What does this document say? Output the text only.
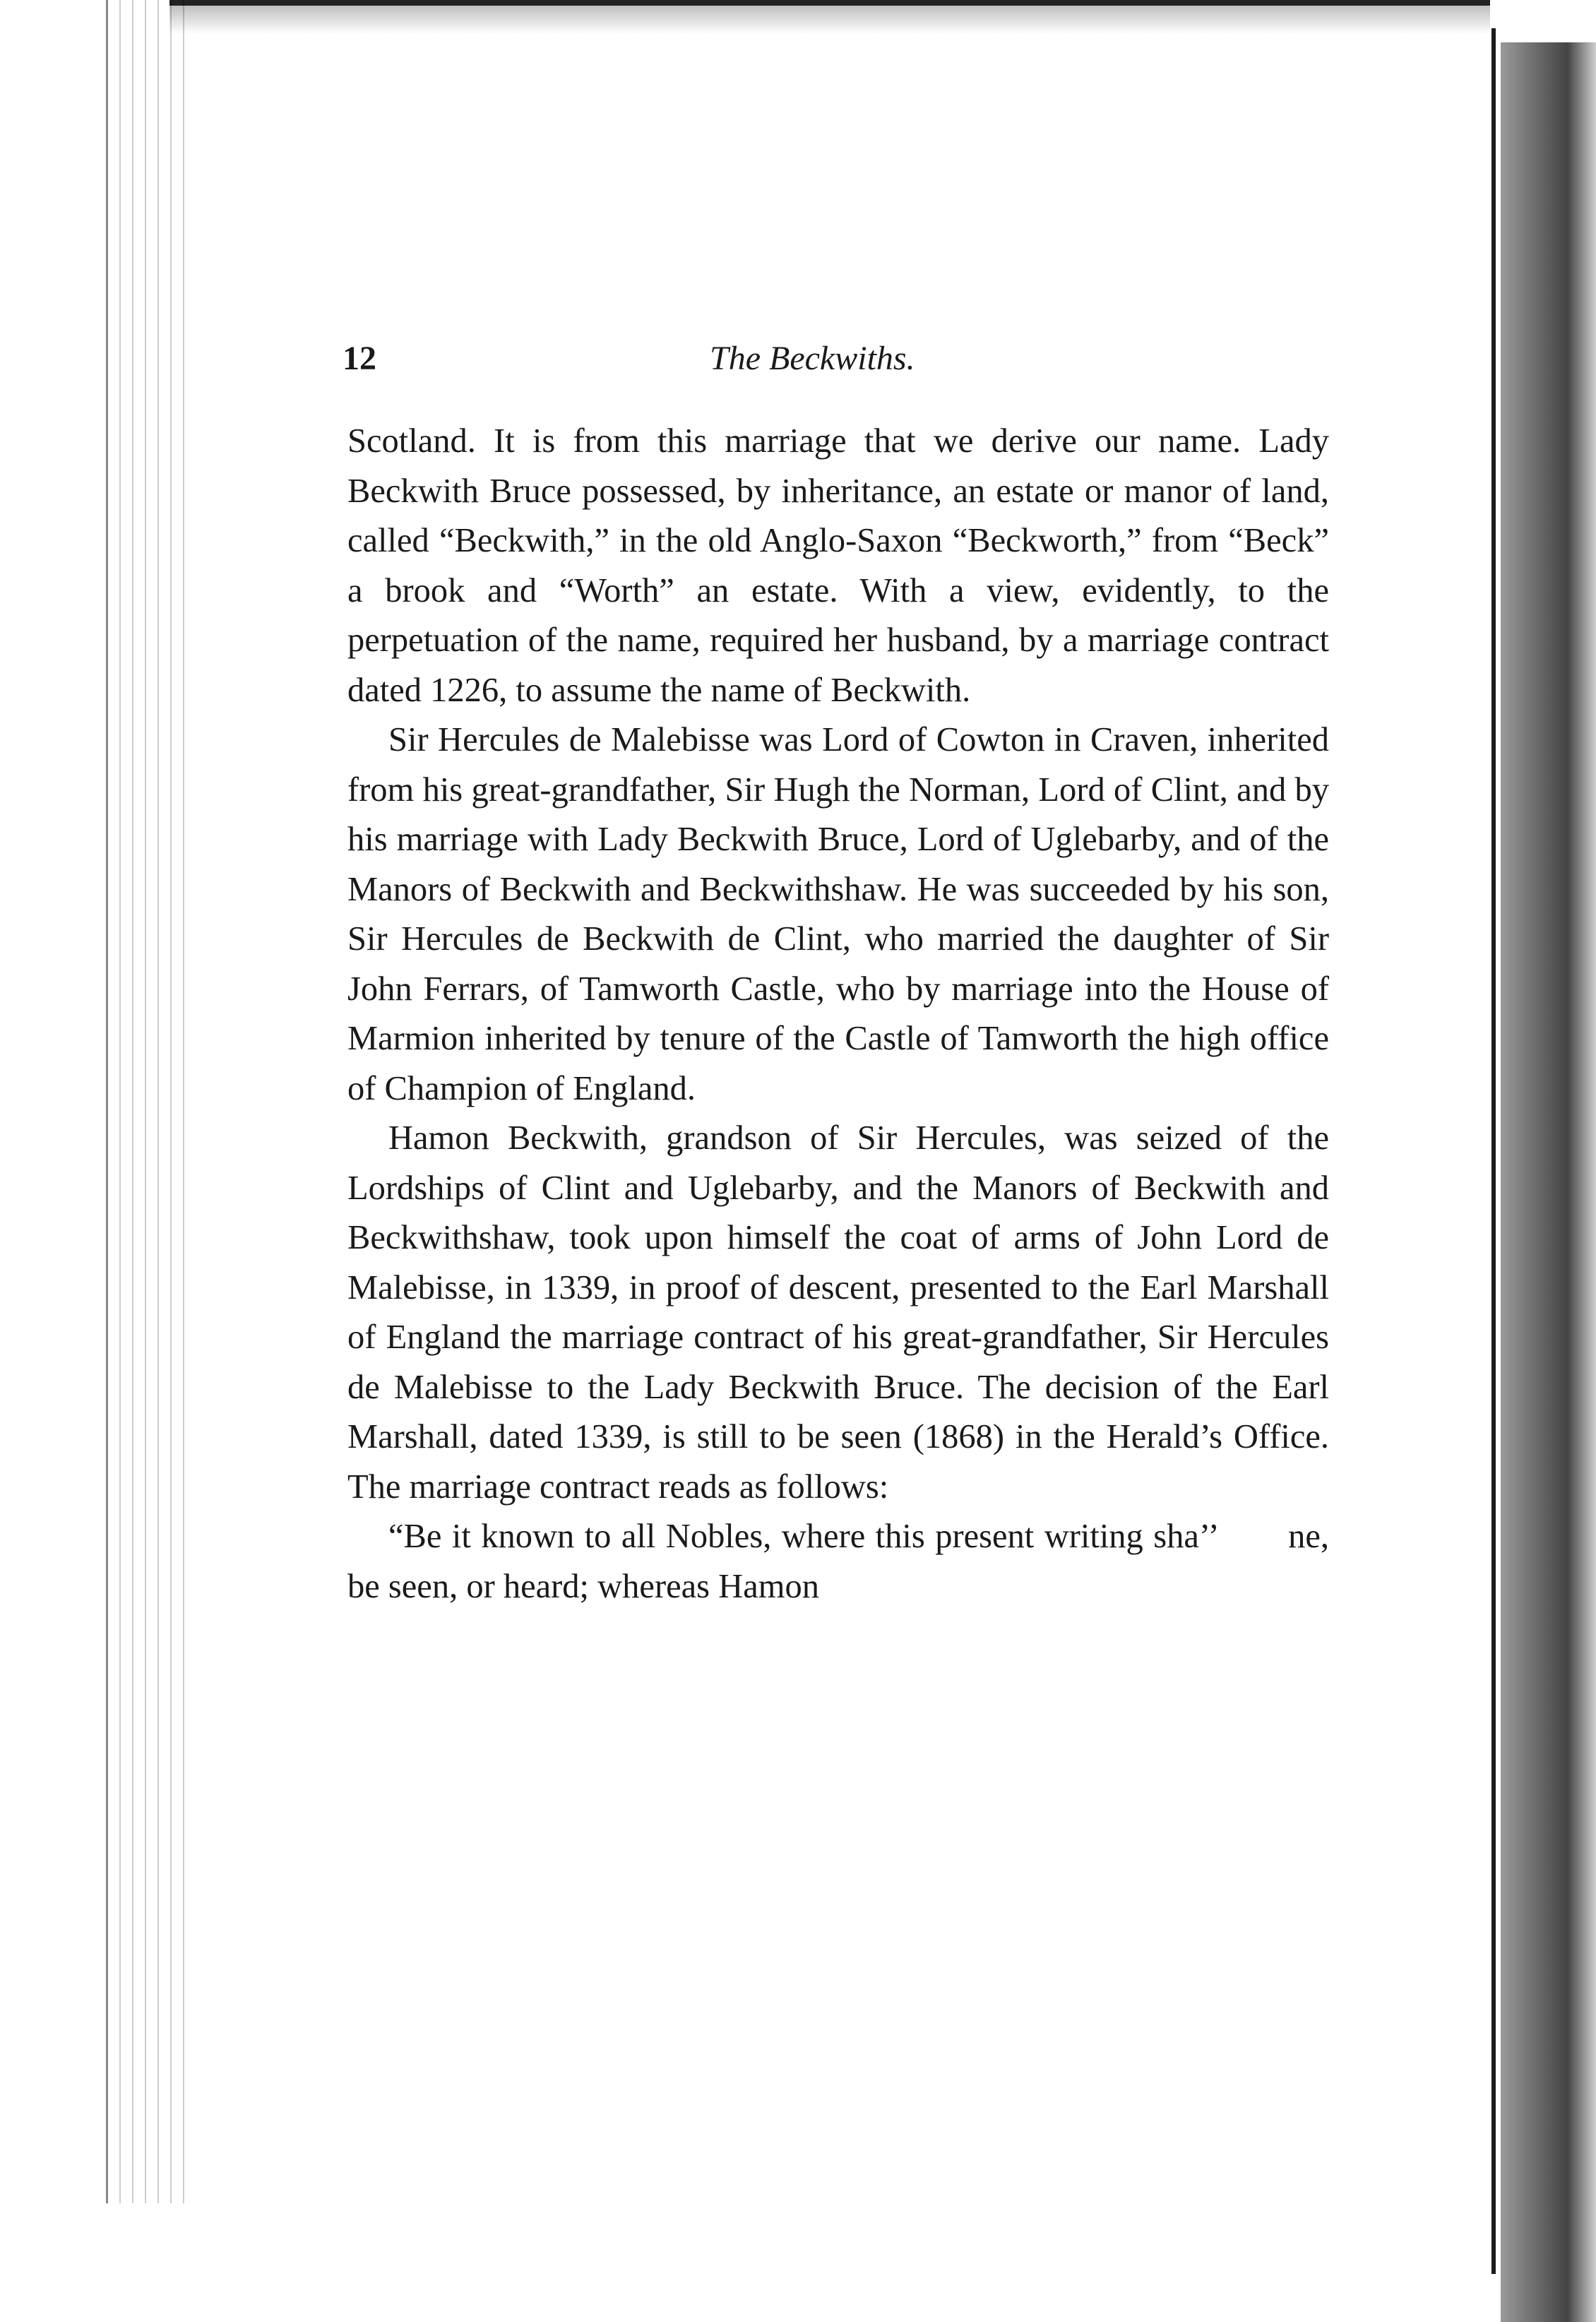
12	The Beckwiths.

Scotland. It is from this marriage that we derive our name. Lady Beckwith Bruce possessed, by inheritance, an estate or manor of land, called “Beckwith,” in the old Anglo-Saxon “Beckworth,” from “Beck” a brook and “Worth” an estate. With a view, evidently, to the perpetuation of the name, required her husband, by a marriage contract dated 1226, to assume the name of Beckwith.

Sir Hercules de Malebisse was Lord of Cowton in Craven, inherited from his great-grandfather, Sir Hugh the Norman, Lord of Clint, and by his marriage with Lady Beckwith Bruce, Lord of Uglebarby, and of the Manors of Beckwith and Beckwithshaw. He was succeeded by his son, Sir Hercules de Beckwith de Clint, who married the daughter of Sir John Ferrars, of Tamworth Castle, who by marriage into the House of Marmion inherited by tenure of the Castle of Tamworth the high office of Champion of England.

Hamon Beckwith, grandson of Sir Hercules, was seized of the Lordships of Clint and Uglebarby, and the Manors of Beckwith and Beckwithshaw, took upon himself the coat of arms of John Lord de Malebisse, in 1339, in proof of descent, presented to the Earl Marshall of England the marriage contract of his great-grandfather, Sir Hercules de Malebisse to the Lady Beckwith Bruce. The decision of the Earl Marshall, dated 1339, is still to be seen (1868) in the Herald’s Office. The marriage contract reads as follows:

“Be it known to all Nobles, where this present writing sha’’       ne, be seen, or heard; whereas Hamon
